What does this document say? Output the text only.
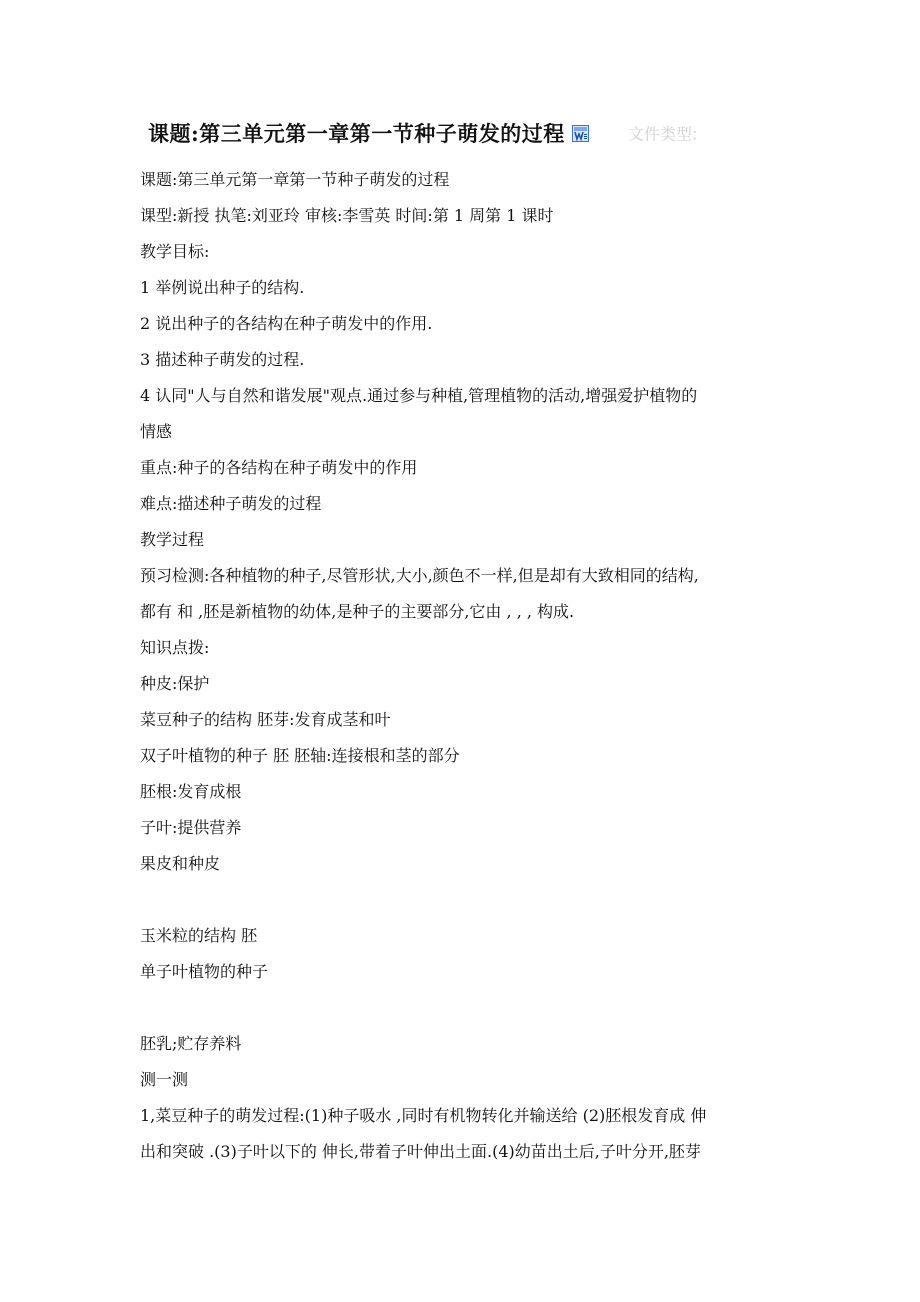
课题:第三单元第一章第一节种子萌发的过程	文件类型:
课题:第三单元第一章第一节种子萌发的过程
课型:新授 执笔:刘亚玲 审核:李雪英 时间:第 1 周第 1 课时
教学目标:
1 举例说出种子的结构.
2 说出种子的各结构在种子萌发中的作用.
3 描述种子萌发的过程.
4 认同"人与自然和谐发展"观点.通过参与种植,管理植物的活动,增强爱护植物的
情感
重点:种子的各结构在种子萌发中的作用
难点:描述种子萌发的过程
教学过程
预习检测:各种植物的种子,尽管形状,大小,颜色不一样,但是却有大致相同的结构,
都有 和 ,胚是新植物的幼体,是种子的主要部分,它由 , , , 构成.
知识点拨:
种皮:保护
菜豆种子的结构 胚芽:发育成茎和叶
双子叶植物的种子 胚 胚轴:连接根和茎的部分
胚根:发育成根
子叶:提供营养
果皮和种皮
玉米粒的结构 胚
单子叶植物的种子
胚乳;贮存养料
测一测
1,菜豆种子的萌发过程:(1)种子吸水 ,同时有机物转化并输送给 (2)胚根发育成 伸
出和突破 .(3)子叶以下的 伸长,带着子叶伸出土面.(4)幼苗出土后,子叶分开,胚芽
